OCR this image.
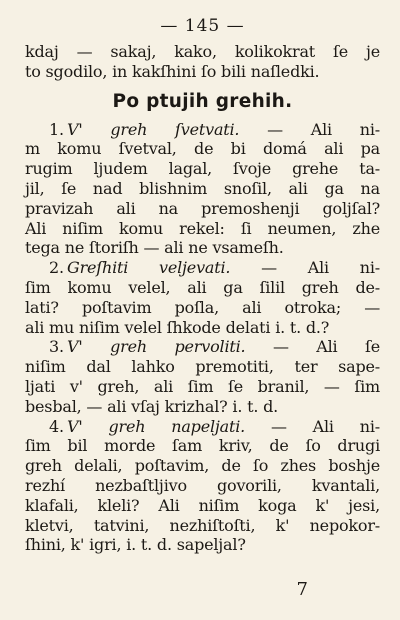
— 145 —
kdaj — sakaj, kako, kolikokrat ſe je
to sgodilo, in kakſhini ſo bili naſledki.
Po ptujih grehih.
1. V' greh ſvetvati. — Ali ni-
m komu ſvetval, de bi domá ali pa
rugim ljudem lagal, ſvoje grehe ta-
jil, ſe nad blishnim snoſil, ali ga na
pravizah ali na premoshenji goljſal?
Ali niſim komu rekel: ſi neumen, zhe
tega ne ſtoriſh — ali ne vsameſh.
2. Greſhiti veljevati. — Ali ni-
ſim komu velel, ali ga ſilil greh de-
lati? poſtavim poſla, ali otroka; —
ali mu niſim velel ſhkode delati i. t. d.?
3. V' greh pervoliti. — Ali ſe
niſim dal lahko premotiti, ter sape-
ljati v' greh, ali ſim ſe branil, — ſim
besbal, — ali vſaj krizhal? i. t. d.
4. V' greh napeljati. — Ali ni-
ſim bil morde ſam kriv, de ſo drugi
greh delali, poſtavim, de ſo zhes boshje
rezhí nezbaſtljivo govorili, kvantali,
klafali, kleli? Ali niſim koga k' jesi,
kletvi, tatvini, nezhiſtoſti, k' nepokor-
ſhini, k' igri, i. t. d. sapeljal?
7
